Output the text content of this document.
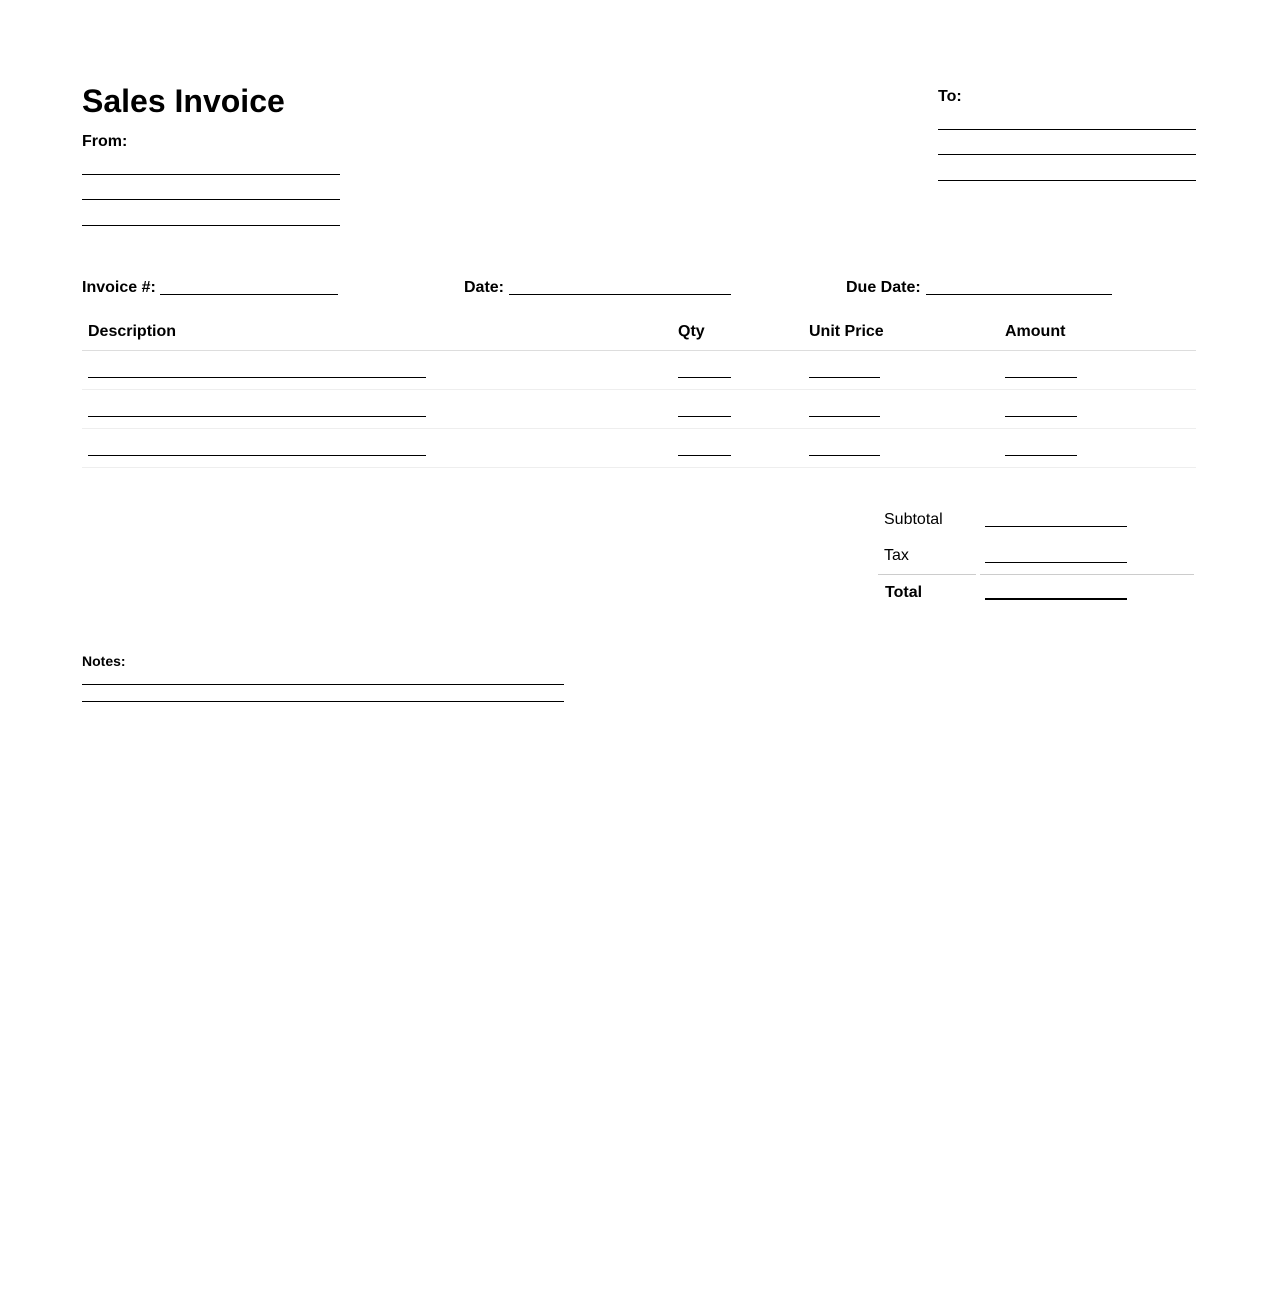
Sales Invoice
From:
To:
Invoice #:	Date:	Due Date:
Description	Qty	Unit Price	Amount
Subtotal
Tax
Total
Notes:
